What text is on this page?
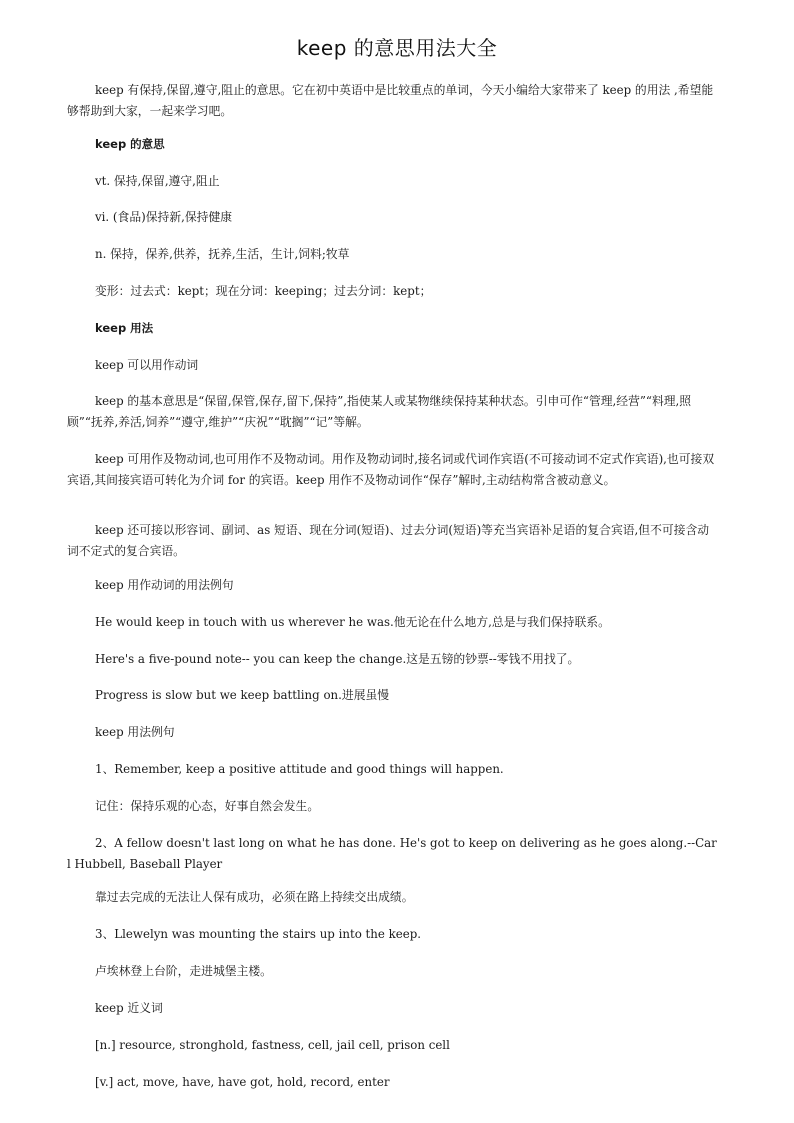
keep 的意思用法大全

keep 有保持,保留,遵守,阻止的意思。它在初中英语中是比较重点的单词，今天小编给大家带来了 keep 的用法 ,希望能够帮助到大家，一起来学习吧。

keep 的意思

vt. 保持,保留,遵守,阻止

vi. (食品)保持新,保持健康

n. 保持，保养,供养，抚养,生活，生计,饲料;牧草

变形：过去式：kept；现在分词：keeping；过去分词：kept；

keep 用法

keep 可以用作动词

keep 的基本意思是“保留,保管,保存,留下,保持”,指使某人或某物继续保持某种状态。引申可作“管理,经营”“料理,照顾”“抚养,养活,饲养”“遵守,维护”“庆祝”“耽搁”“记”等解。

keep 可用作及物动词,也可用作不及物动词。用作及物动词时,接名词或代词作宾语(不可接动词不定式作宾语),也可接双宾语,其间接宾语可转化为介词 for 的宾语。keep 用作不及物动词作“保存”解时,主动结构常含被动意义。

keep 还可接以形容词、副词、as 短语、现在分词(短语)、过去分词(短语)等充当宾语补足语的复合宾语,但不可接含动词不定式的复合宾语。

keep 用作动词的用法例句

He would keep in touch with us wherever he was.他无论在什么地方,总是与我们保持联系。

Here's a five-pound note-- you can keep the change.这是五镑的钞票--零钱不用找了。

Progress is slow but we keep battling on.进展虽慢

keep 用法例句

1、Remember, keep a positive attitude and good things will happen.

记住：保持乐观的心态，好事自然会发生。

2、A fellow doesn't last long on what he has done. He's got to keep on delivering as he goes along.--Carl Hubbell, Baseball Player

靠过去完成的无法让人保有成功，必须在路上持续交出成绩。

3、Llewelyn was mounting the stairs up into the keep.

卢埃林登上台阶，走进城堡主楼。

keep 近义词

[n.] resource, stronghold, fastness, cell, jail cell, prison cell

[v.] act, move, have, have got, hold, record, enter
